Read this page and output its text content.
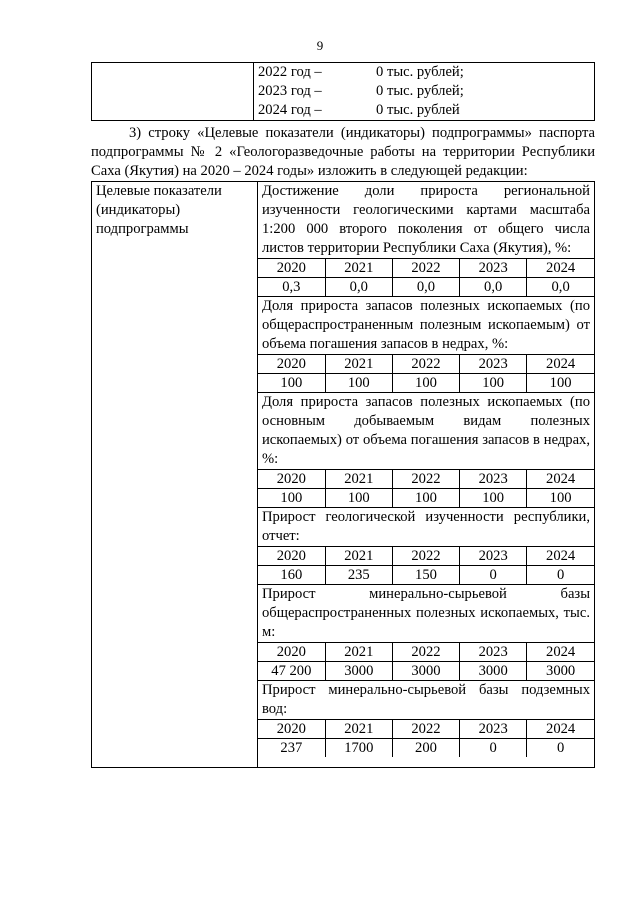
9

2022 год –	0 тыс. рублей;
2023 год –	0 тыс. рублей;
2024 год –	0 тыс. рублей

3) строку «Целевые показатели (индикаторы) подпрограммы» паспорта подпрограммы № 2 «Геологоразведочные работы на территории Республики Саха (Якутия) на 2020 – 2024 годы» изложить в следующей редакции:

Целевые показатели (индикаторы) подпрограммы	
Достижение доли прироста региональной изученности геологическими картами масштаба 1:200 000 второго поколения от общего числа листов территории Республики Саха (Якутия), %:
2020	2021	2022	2023	2024
0,3	0,0	0,0	0,0	0,0
Доля прироста запасов полезных ископаемых (по общераспространенным полезным ископаемым) от объема погашения запасов в недрах, %:
2020	2021	2022	2023	2024
100	100	100	100	100
Доля прироста запасов полезных ископаемых (по основным добываемым видам полезных ископаемых) от объема погашения запасов в недрах, %:
2020	2021	2022	2023	2024
100	100	100	100	100
Прирост геологической изученности республики, отчет:
2020	2021	2022	2023	2024
160	235	150	0	0
Прирост минерально-сырьевой базы общераспространенных полезных ископаемых, тыс. м:
2020	2021	2022	2023	2024
47 200	3000	3000	3000	3000
Прирост минерально-сырьевой базы подземных вод:
2020	2021	2022	2023	2024
237	1700	200	0	0
